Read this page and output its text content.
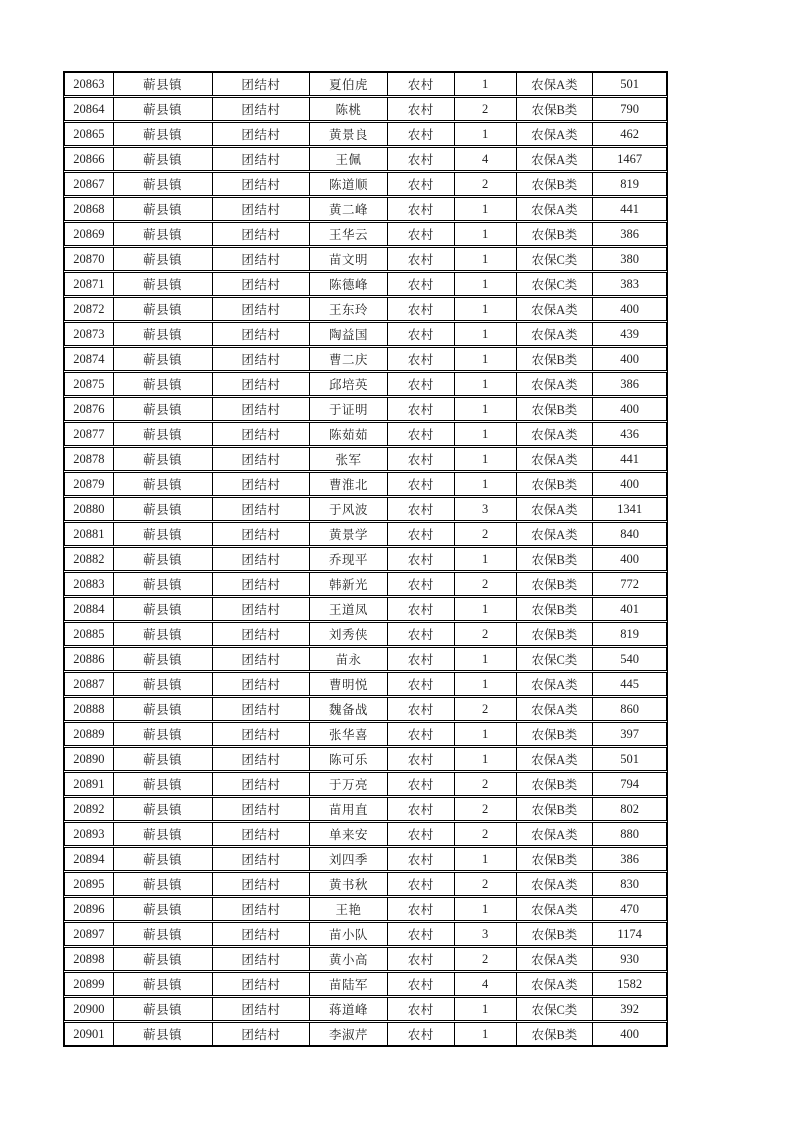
20863	蕲县镇	团结村	夏伯虎	农村	1	农保A类	501
20864	蕲县镇	团结村	陈桃	农村	2	农保B类	790
20865	蕲县镇	团结村	黄景良	农村	1	农保A类	462
20866	蕲县镇	团结村	王佩	农村	4	农保A类	1467
20867	蕲县镇	团结村	陈道顺	农村	2	农保B类	819
20868	蕲县镇	团结村	黄二峰	农村	1	农保A类	441
20869	蕲县镇	团结村	王华云	农村	1	农保B类	386
20870	蕲县镇	团结村	苗文明	农村	1	农保C类	380
20871	蕲县镇	团结村	陈德峰	农村	1	农保C类	383
20872	蕲县镇	团结村	王东玲	农村	1	农保A类	400
20873	蕲县镇	团结村	陶益国	农村	1	农保A类	439
20874	蕲县镇	团结村	曹二庆	农村	1	农保B类	400
20875	蕲县镇	团结村	邱培英	农村	1	农保A类	386
20876	蕲县镇	团结村	于证明	农村	1	农保B类	400
20877	蕲县镇	团结村	陈茹茹	农村	1	农保A类	436
20878	蕲县镇	团结村	张军	农村	1	农保A类	441
20879	蕲县镇	团结村	曹淮北	农村	1	农保B类	400
20880	蕲县镇	团结村	于风波	农村	3	农保A类	1341
20881	蕲县镇	团结村	黄景学	农村	2	农保A类	840
20882	蕲县镇	团结村	乔现平	农村	1	农保B类	400
20883	蕲县镇	团结村	韩新光	农村	2	农保B类	772
20884	蕲县镇	团结村	王道凤	农村	1	农保B类	401
20885	蕲县镇	团结村	刘秀侠	农村	2	农保B类	819
20886	蕲县镇	团结村	苗永	农村	1	农保C类	540
20887	蕲县镇	团结村	曹明悦	农村	1	农保A类	445
20888	蕲县镇	团结村	魏备战	农村	2	农保A类	860
20889	蕲县镇	团结村	张华喜	农村	1	农保B类	397
20890	蕲县镇	团结村	陈可乐	农村	1	农保A类	501
20891	蕲县镇	团结村	于万亮	农村	2	农保B类	794
20892	蕲县镇	团结村	苗用直	农村	2	农保B类	802
20893	蕲县镇	团结村	单来安	农村	2	农保A类	880
20894	蕲县镇	团结村	刘四季	农村	1	农保B类	386
20895	蕲县镇	团结村	黄书秋	农村	2	农保A类	830
20896	蕲县镇	团结村	王艳	农村	1	农保A类	470
20897	蕲县镇	团结村	苗小队	农村	3	农保B类	1174
20898	蕲县镇	团结村	黄小高	农村	2	农保A类	930
20899	蕲县镇	团结村	苗陆军	农村	4	农保A类	1582
20900	蕲县镇	团结村	蒋道峰	农村	1	农保C类	392
20901	蕲县镇	团结村	李淑芹	农村	1	农保B类	400
